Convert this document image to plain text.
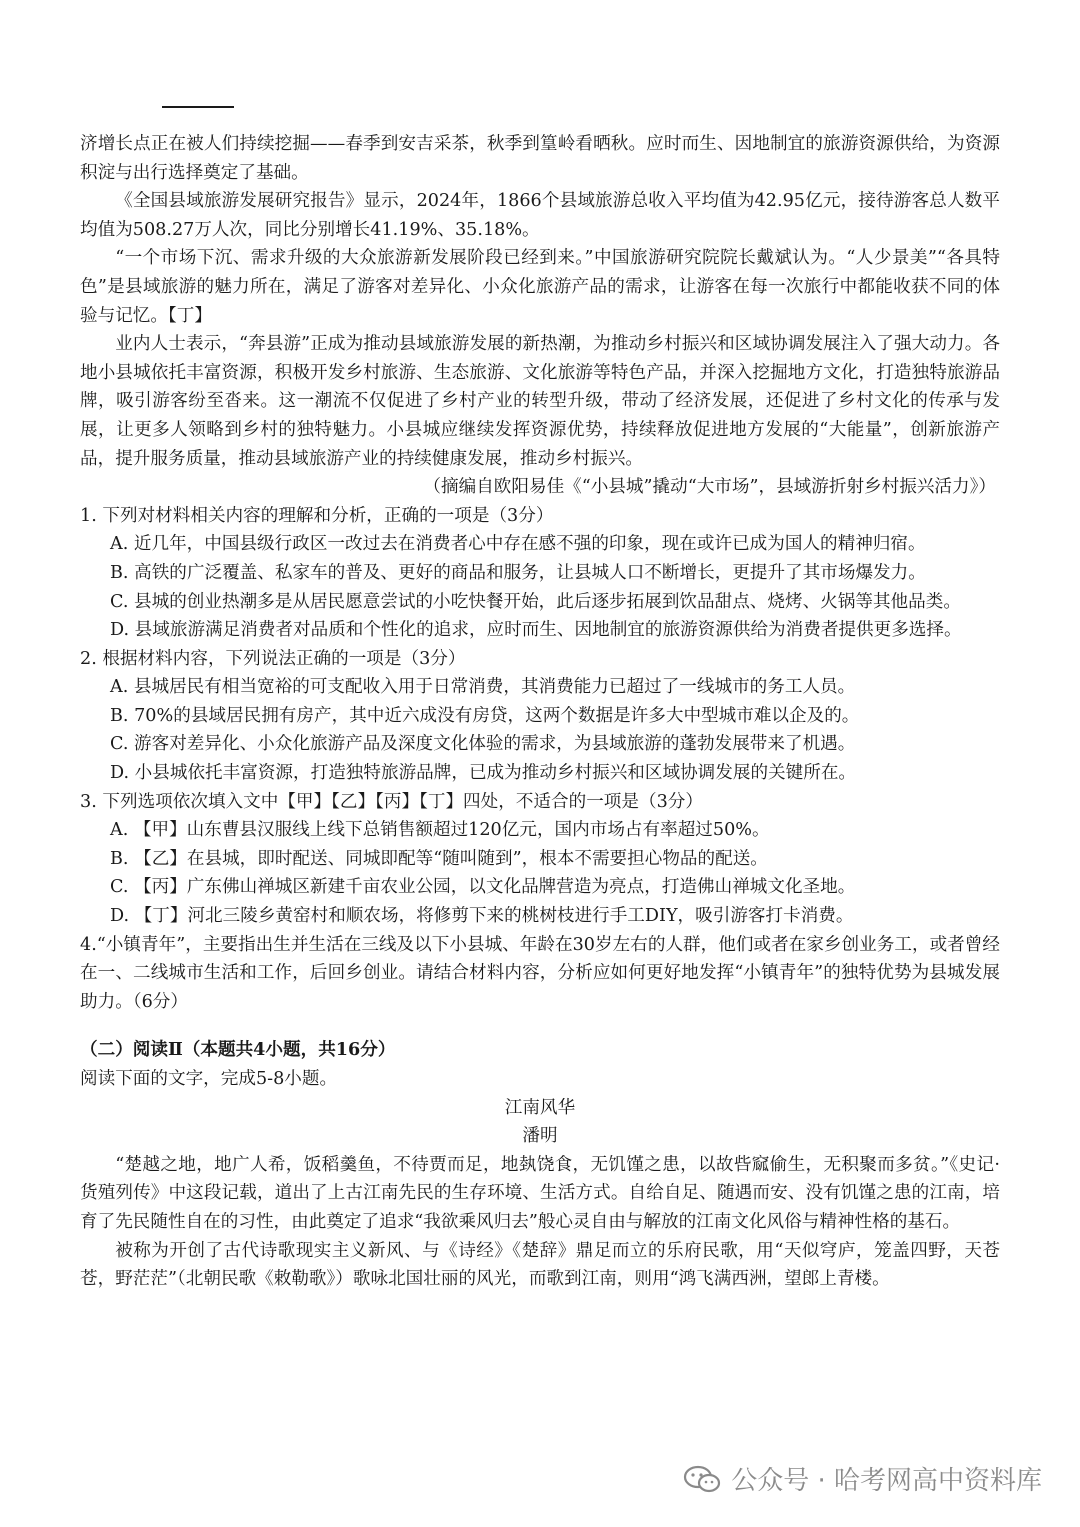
济增长点正在被人们持续挖掘——春季到安吉采茶，秋季到篁岭看晒秋。应时而生、因地制宜的旅游资源供给，为资源积淀与出行选择奠定了基础。

《全国县域旅游发展研究报告》显示，2024年，1866个县域旅游总收入平均值为42.95亿元，接待游客总人数平均值为508.27万人次，同比分别增长41.19%、35.18%。

“一个市场下沉、需求升级的大众旅游新发展阶段已经到来。”中国旅游研究院院长戴斌认为。“人少景美”“各具特色”是县域旅游的魅力所在，满足了游客对差异化、小众化旅游产品的需求，让游客在每一次旅行中都能收获不同的体验与记忆。【丁】

业内人士表示，“奔县游”正成为推动县域旅游发展的新热潮，为推动乡村振兴和区域协调发展注入了强大动力。各地小县城依托丰富资源，积极开发乡村旅游、生态旅游、文化旅游等特色产品，并深入挖掘地方文化，打造独特旅游品牌，吸引游客纷至沓来。这一潮流不仅促进了乡村产业的转型升级，带动了经济发展，还促进了乡村文化的传承与发展，让更多人领略到乡村的独特魅力。小县城应继续发挥资源优势，持续释放促进地方发展的“大能量”，创新旅游产品，提升服务质量，推动县域旅游产业的持续健康发展，推动乡村振兴。

（摘编自欧阳易佳《“小县城”撬动“大市场”，县域游折射乡村振兴活力》）

1. 下列对材料相关内容的理解和分析，正确的一项是（3分）

A. 近几年，中国县级行政区一改过去在消费者心中存在感不强的印象，现在或许已成为国人的精神归宿。

B. 高铁的广泛覆盖、私家车的普及、更好的商品和服务，让县城人口不断增长，更提升了其市场爆发力。

C. 县城的创业热潮多是从居民愿意尝试的小吃快餐开始，此后逐步拓展到饮品甜点、烧烤、火锅等其他品类。

D. 县域旅游满足消费者对品质和个性化的追求，应时而生、因地制宜的旅游资源供给为消费者提供更多选择。

2. 根据材料内容，下列说法正确的一项是（3分）

A. 县城居民有相当宽裕的可支配收入用于日常消费，其消费能力已超过了一线城市的务工人员。

B. 70%的县域居民拥有房产，其中近六成没有房贷，这两个数据是许多大中型城市难以企及的。

C. 游客对差异化、小众化旅游产品及深度文化体验的需求，为县域旅游的蓬勃发展带来了机遇。

D. 小县城依托丰富资源，打造独特旅游品牌，已成为推动乡村振兴和区域协调发展的关键所在。

3. 下列选项依次填入文中【甲】【乙】【丙】【丁】四处，不适合的一项是（3分）

A. 【甲】山东曹县汉服线上线下总销售额超过120亿元，国内市场占有率超过50%。

B. 【乙】在县城，即时配送、同城即配等“随叫随到”，根本不需要担心物品的配送。

C. 【丙】广东佛山禅城区新建千亩农业公园，以文化品牌营造为亮点，打造佛山禅城文化圣地。

D. 【丁】河北三陵乡黄窑村和顺农场，将修剪下来的桃树枝进行手工DIY，吸引游客打卡消费。

4.“小镇青年”，主要指出生并生活在三线及以下小县城、年龄在30岁左右的人群，他们或者在家乡创业务工，或者曾经在一、二线城市生活和工作，后回乡创业。请结合材料内容，分析应如何更好地发挥“小镇青年”的独特优势为县城发展助力。（6分）

（二）阅读Ⅱ（本题共4小题，共16分）

阅读下面的文字，完成5-8小题。

江南风华

潘明

“楚越之地，地广人希，饭稻羹鱼，不待贾而足，地埶饶食，无饥馑之患，以故呰窳偷生，无积聚而多贫。”《史记·货殖列传》中这段记载，道出了上古江南先民的生存环境、生活方式。自给自足、随遇而安、没有饥馑之患的江南，培育了先民随性自在的习性，由此奠定了追求“我欲乘风归去”般心灵自由与解放的江南文化风俗与精神性格的基石。

被称为开创了古代诗歌现实主义新风、与《诗经》《楚辞》鼎足而立的乐府民歌，用“天似穹庐，笼盖四野，天苍苍，野茫茫”（北朝民歌《敕勒歌》）歌咏北国壮丽的风光，而歌到江南，则用“鸿飞满西洲，望郎上青楼。

公众号 · 哈考网高中资料库
